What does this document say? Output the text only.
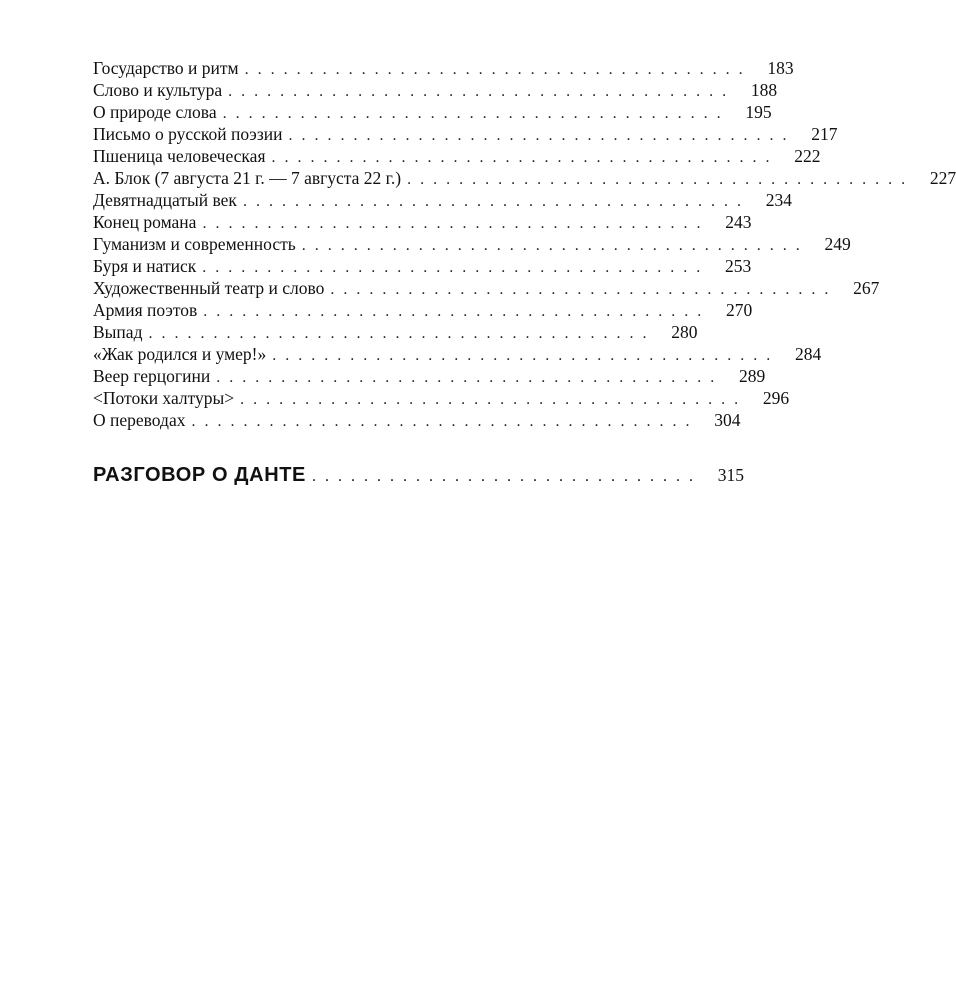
Государство и ритм ....................................... 183
Слово и культура ....................................... 188
О природе слова ....................................... 195
Письмо о русской поэзии ....................................... 217
Пшеница человеческая ....................................... 222
А. Блок (7 августа 21 г. — 7 августа 22 г.) ....................................... 227
Девятнадцатый век ....................................... 234
Конец романа ....................................... 243
Гуманизм и современность ....................................... 249
Буря и натиск ....................................... 253
Художественный театр и слово ....................................... 267
Армия поэтов ....................................... 270
Выпад ....................................... 280
«Жак родился и умер!» ....................................... 284
Веер герцогини ....................................... 289
<Потоки халтуры> ....................................... 296
О переводах ....................................... 304
РАЗГОВОР О ДАНТЕ .............................. 315
